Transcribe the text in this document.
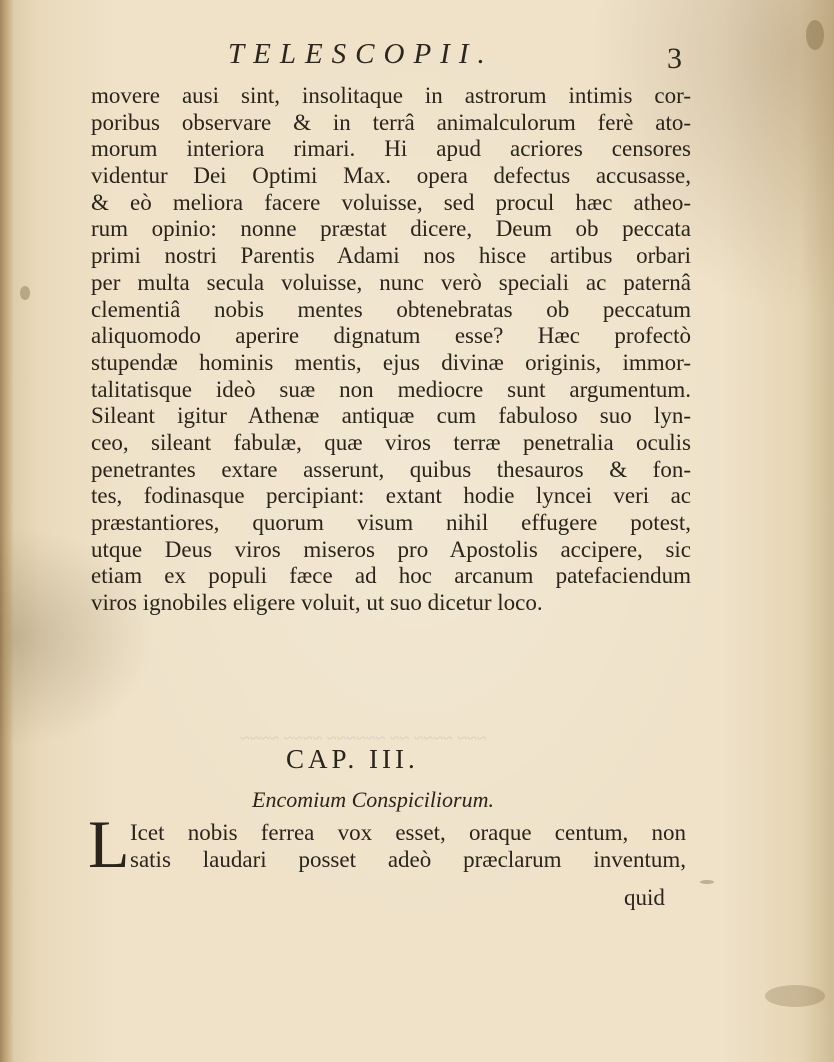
TELESCOPII.	3
movere ausi sint, insolitaque in astrorum intimis cor-
poribus observare & in terrâ animalculorum ferè ato-
morum interiora rimari. Hi apud acriores censores
videntur Dei Optimi Max. opera defectus accusasse,
& eò meliora facere voluisse, sed procul hæc atheo-
rum opinio: nonne præstat dicere, Deum ob peccata
primi nostri Parentis Adami nos hisce artibus orbari
per multa secula voluisse, nunc verò speciali ac paternâ
clementiâ nobis mentes obtenebratas ob peccatum
aliquomodo aperire dignatum esse? Hæc profectò
stupendæ hominis mentis, ejus divinæ originis, immor-
talitatisque ideò suæ non mediocre sunt argumentum.
Sileant igitur Athenæ antiquæ cum fabuloso suo lyn-
ceo, sileant fabulæ, quæ viros terræ penetralia oculis
penetrantes extare asserunt, quibus thesauros & fon-
tes, fodinasque percipiant: extant hodie lyncei veri ac
præstantiores, quorum visum nihil effugere potest,
utque Deus viros miseros pro Apostolis accipere, sic
etiam ex populi fæce ad hoc arcanum patefaciendum
viros ignobiles eligere voluit, ut suo dicetur loco.
~~~ ~~~~ ~~ ~~~~~~ ~~~~ ~~~~
CAP. III.
Encomium Conspiciliorum.
L Icet nobis ferrea vox esset, oraque centum, non
satis laudari posset adeò præclarum inventum,
quid
